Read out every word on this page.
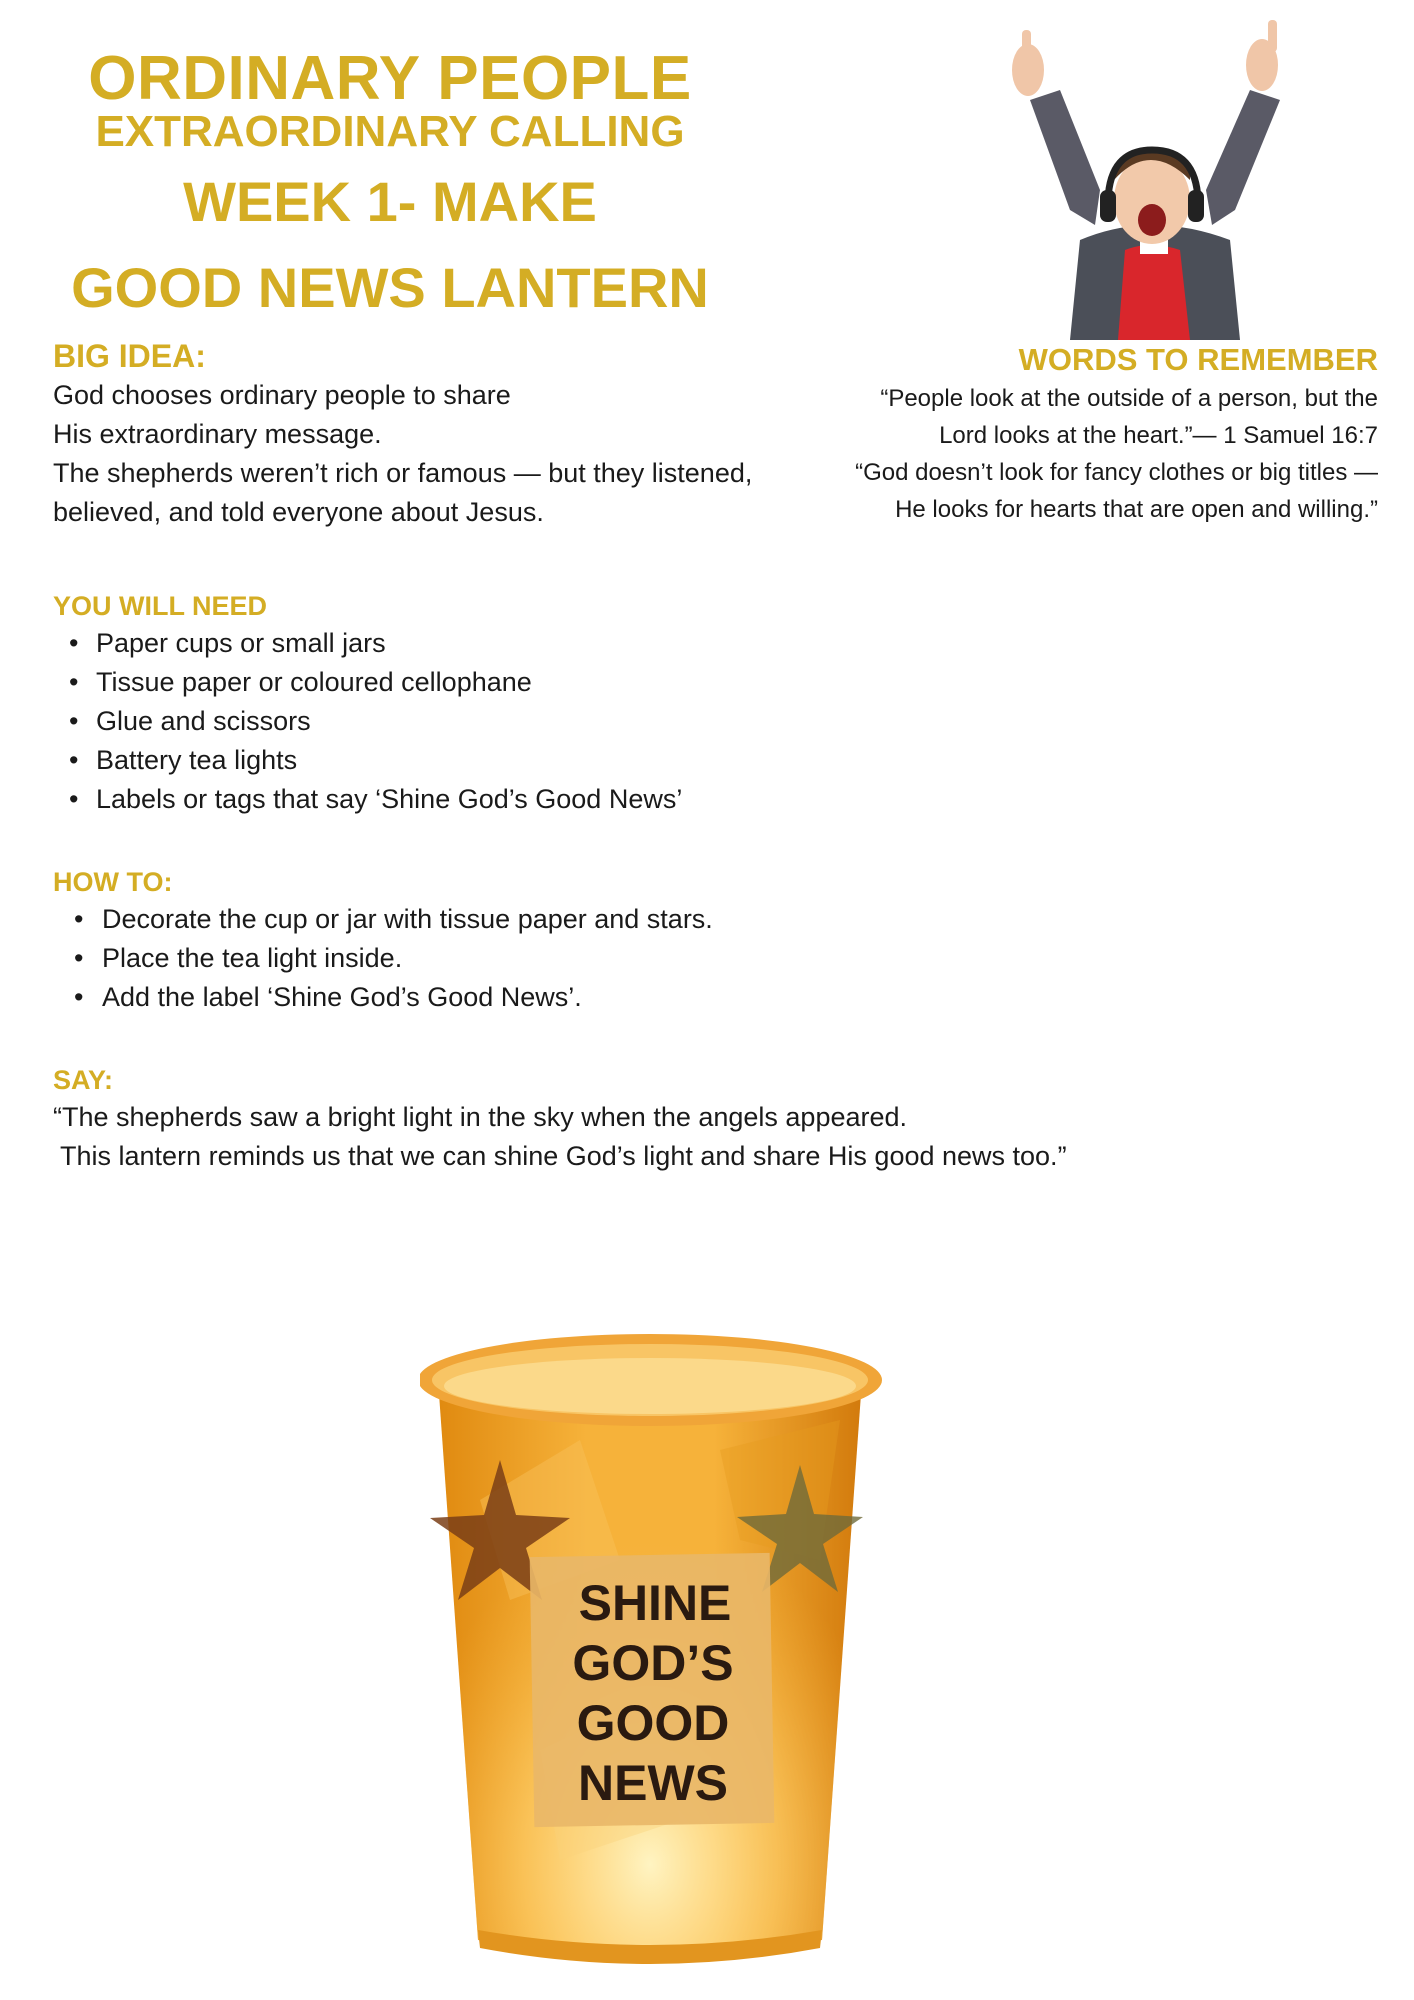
ORDINARY PEOPLE
EXTRAORDINARY CALLING
WEEK 1- MAKE
GOOD NEWS LANTERN
BIG IDEA:

God chooses ordinary people to share

His extraordinary message.

The shepherds weren’t rich or famous — but they listened,

believed, and told everyone about Jesus.

WORDS TO REMEMBER

“People look at the outside of a person, but the

Lord looks at the heart.”— 1 Samuel 16:7

“God doesn’t look for fancy clothes or big titles —

He looks for hearts that are open and willing.”

YOU WILL NEED
• Paper cups or small jars
• Tissue paper or coloured cellophane
• Glue and scissors
• Battery tea lights
• Labels or tags that say ‘Shine God’s Good News’
HOW TO:
• Decorate the cup or jar with tissue paper and stars.
• Place the tea light inside.
• Add the label ‘Shine God’s Good News’.
SAY:

“The shepherds saw a bright light in the sky when the angels appeared.

This lantern reminds us that we can shine God’s light and share His good news too.”

SHINE
GOD’S
GOOD
NEWS
